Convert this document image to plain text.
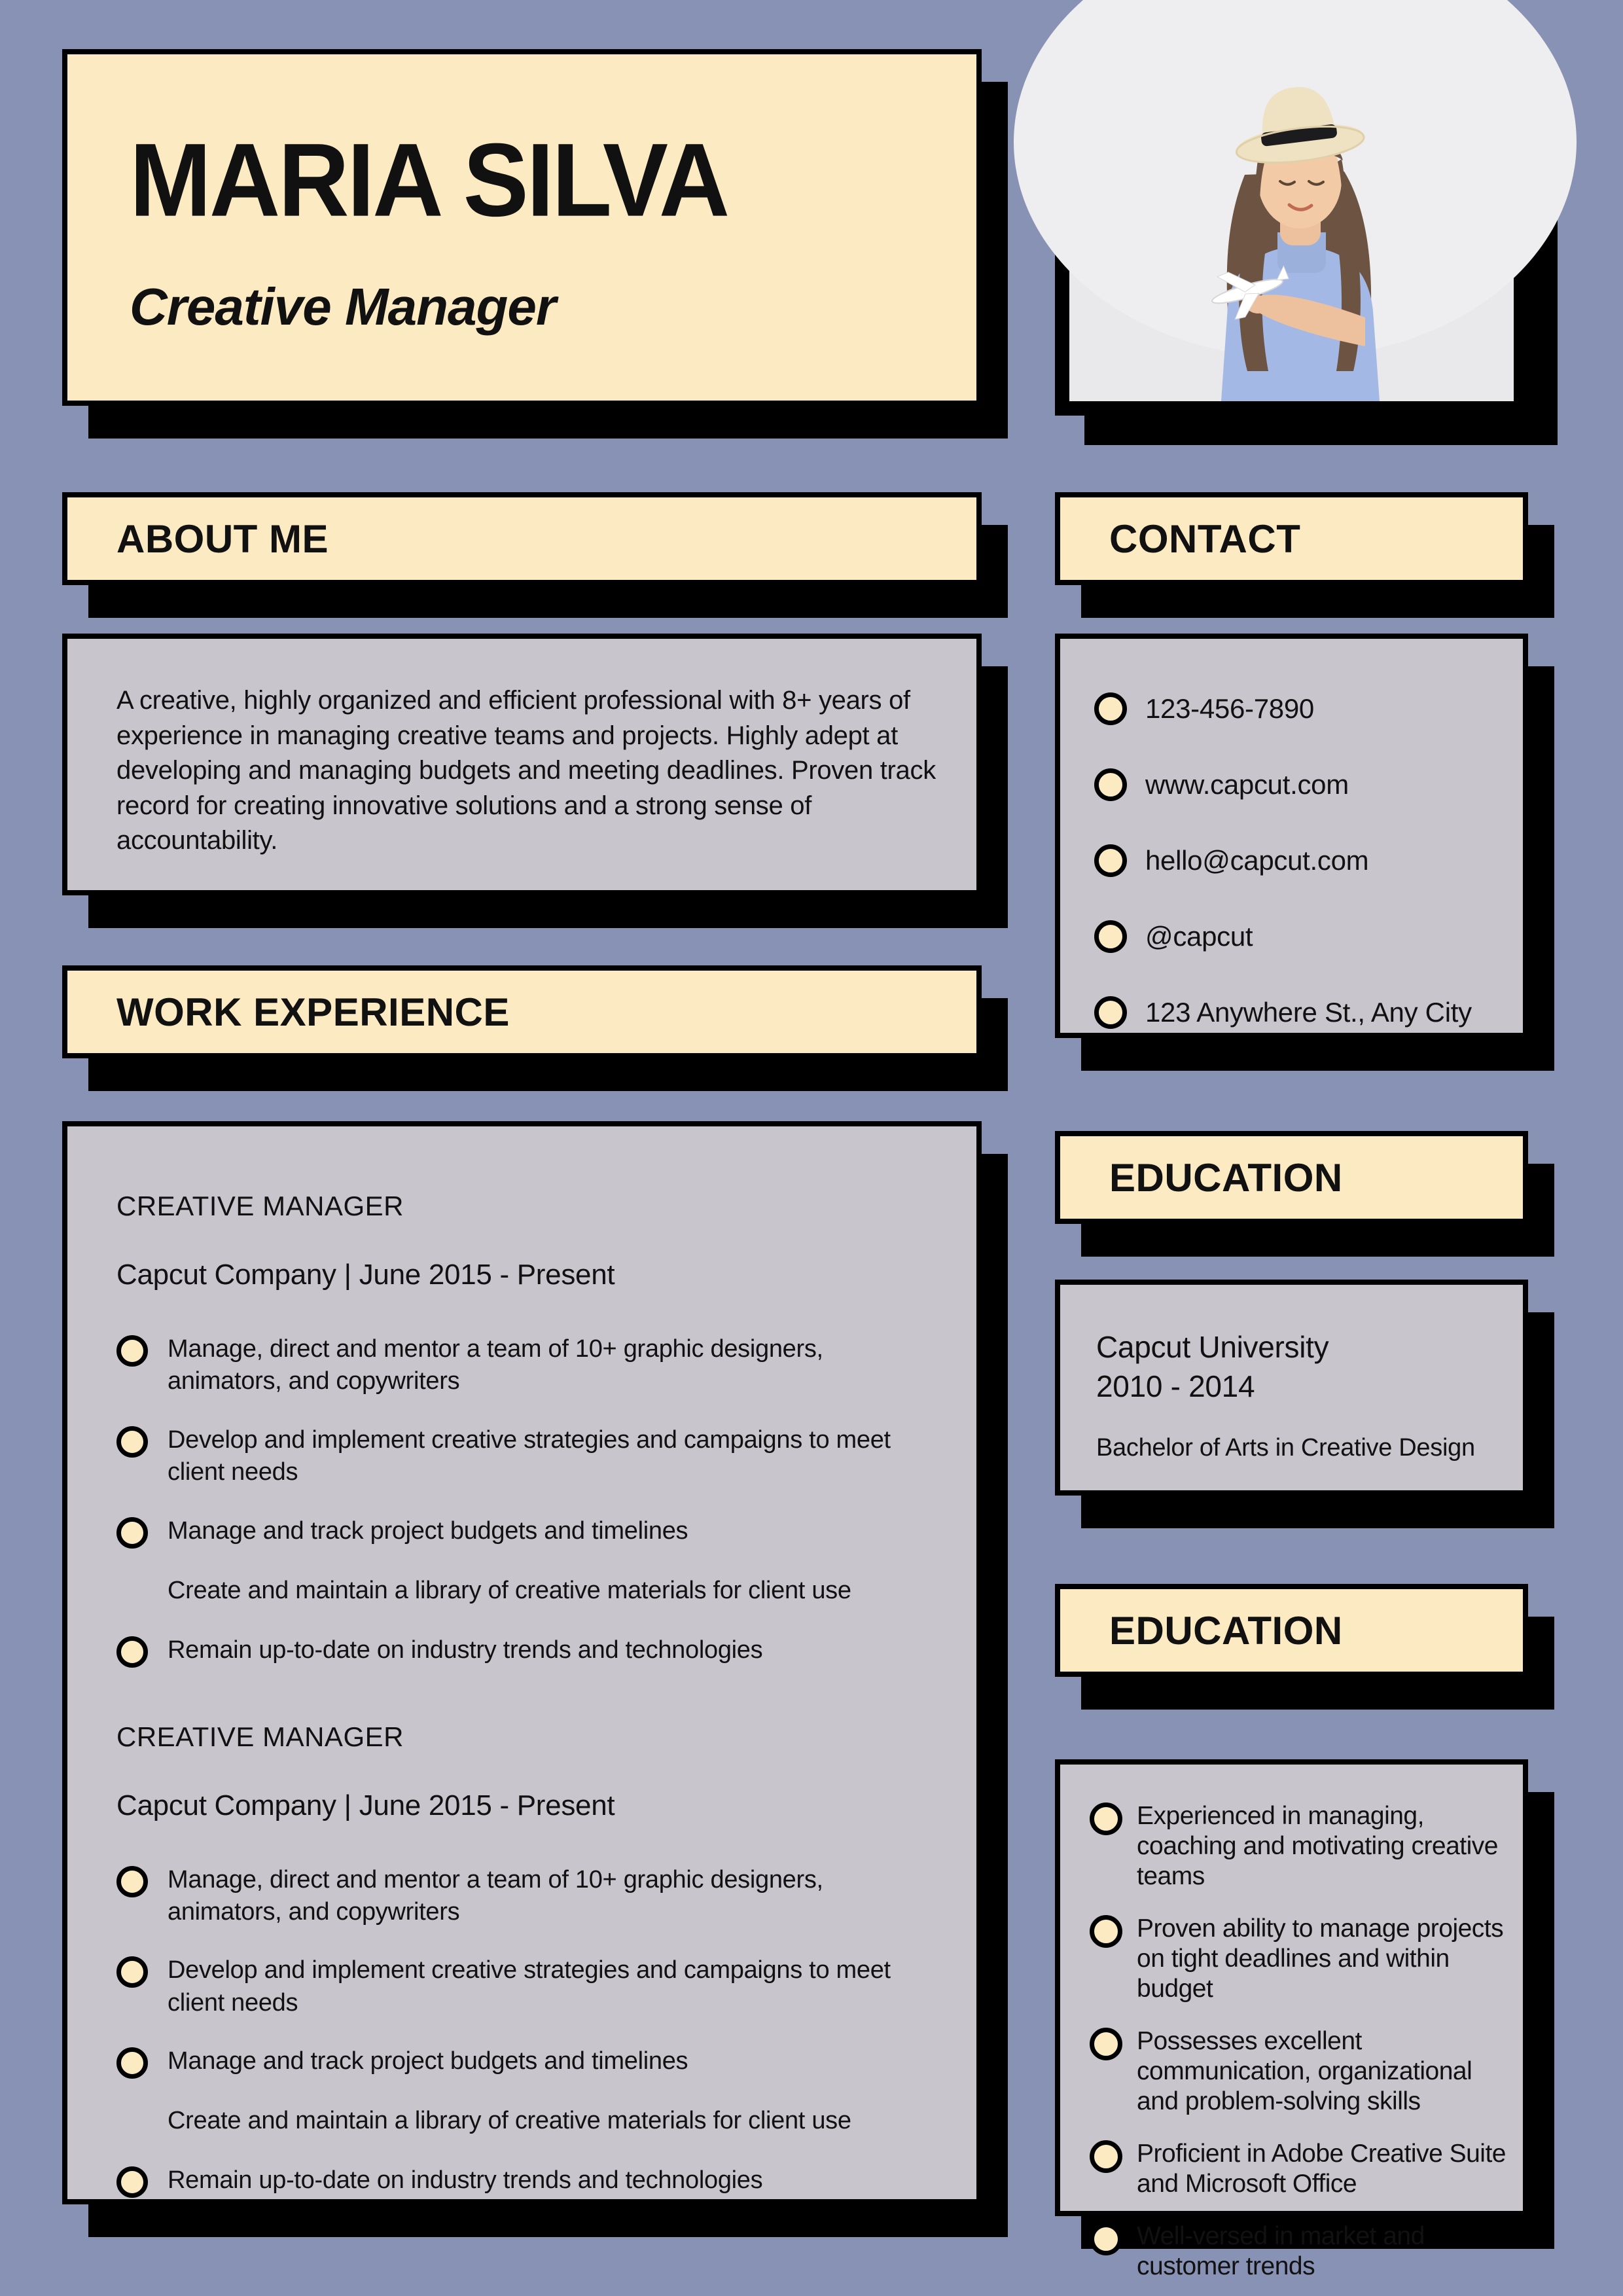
MARIA SILVA
Creative Manager
ABOUT ME
A creative, highly organized and efficient professional with 8+ years of experience in managing creative teams and projects. Highly adept at developing and managing budgets and meeting deadlines. Proven track record for creating innovative solutions and a strong sense of accountability.
WORK EXPERIENCE
CREATIVE MANAGER
Capcut Company | June 2015 - Present
Manage, direct and mentor a team of 10+ graphic designers, animators, and copywriters
Develop and implement creative strategies and campaigns to meet client needs
Manage and track project budgets and timelines
Create and maintain a library of creative materials for client use
Remain up-to-date on industry trends and technologies
CREATIVE MANAGER
Capcut Company | June 2015 - Present
Manage, direct and mentor a team of 10+ graphic designers, animators, and copywriters
Develop and implement creative strategies and campaigns to meet client needs
Manage and track project budgets and timelines
Create and maintain a library of creative materials for client use
Remain up-to-date on industry trends and technologies
CONTACT
123-456-7890
www.capcut.com
hello@capcut.com
@capcut
123 Anywhere St., Any City
EDUCATION
Capcut University
2010 - 2014
Bachelor of Arts in Creative Design
EDUCATION
Experienced in managing, coaching and motivating creative teams
Proven ability to manage projects on tight deadlines and within budget
Possesses excellent communication, organizational and problem-solving skills
Proficient in Adobe Creative Suite and Microsoft Office
Well-versed in market and customer trends
